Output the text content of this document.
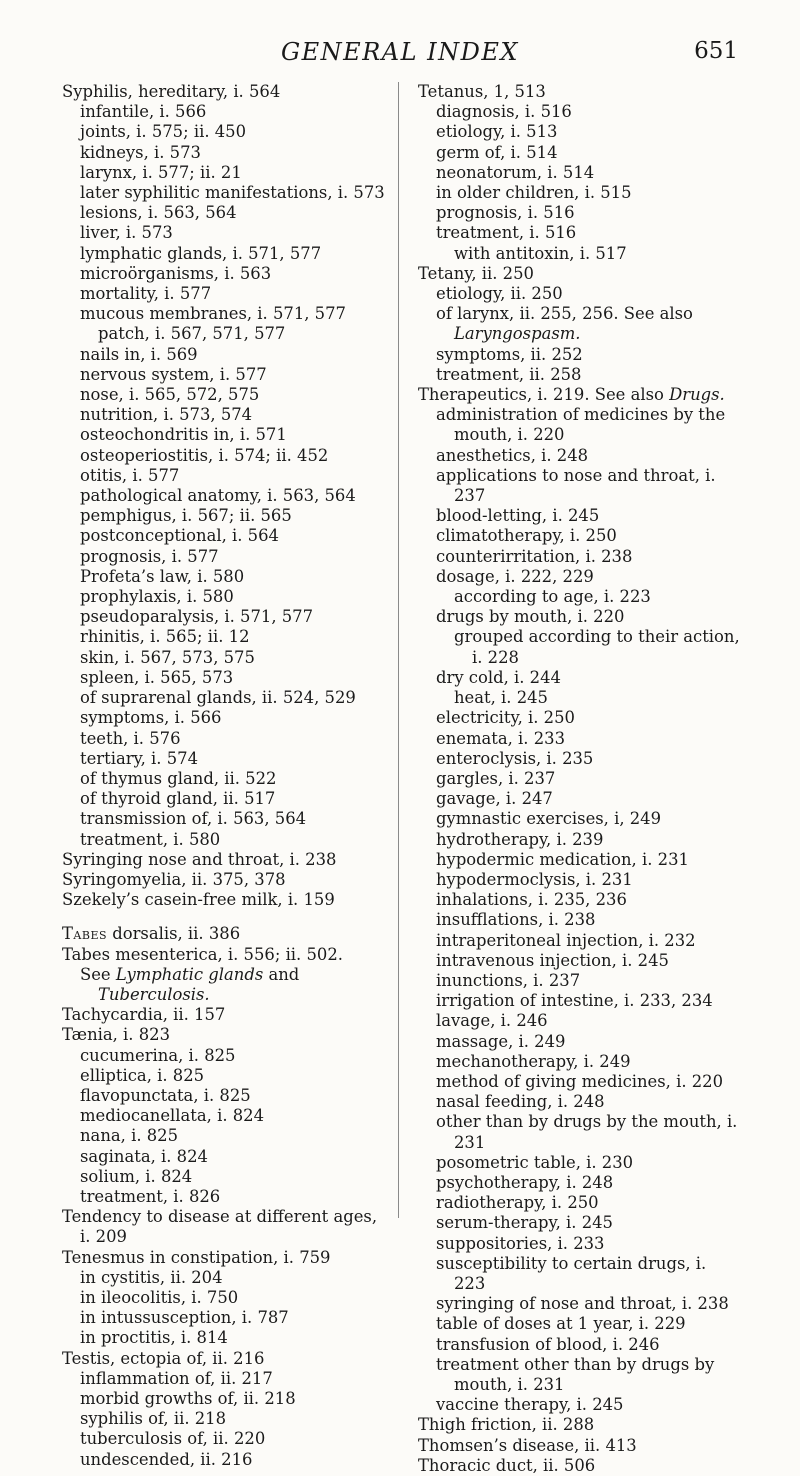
GENERAL INDEX	651
Syphilis, hereditary, i. 564
infantile, i. 566
joints, i. 575; ii. 450
kidneys, i. 573
larynx, i. 577; ii. 21
later syphilitic manifestations, i. 573
lesions, i. 563, 564
liver, i. 573
lymphatic glands, i. 571, 577
microörganisms, i. 563
mortality, i. 577
mucous membranes, i. 571, 577
patch, i. 567, 571, 577
nails in, i. 569
nervous system, i. 577
nose, i. 565, 572, 575
nutrition, i. 573, 574
osteochondritis in, i. 571
osteoperiostitis, i. 574; ii. 452
otitis, i. 577
pathological anatomy, i. 563, 564
pemphigus, i. 567; ii. 565
postconceptional, i. 564
prognosis, i. 577
Profeta’s law, i. 580
prophylaxis, i. 580
pseudoparalysis, i. 571, 577
rhinitis, i. 565; ii. 12
skin, i. 567, 573, 575
spleen, i. 565, 573
of suprarenal glands, ii. 524, 529
symptoms, i. 566
teeth, i. 576
tertiary, i. 574
of thymus gland, ii. 522
of thyroid gland, ii. 517
transmission of, i. 563, 564
treatment, i. 580
Syringing nose and throat, i. 238
Syringomyelia, ii. 375, 378
Szekely’s casein-free milk, i. 159
Tabes dorsalis, ii. 386
Tabes mesenterica, i. 556; ii. 502.
See Lymphatic glands and Tuberculosis.
Tachycardia, ii. 157
Tænia, i. 823
cucumerina, i. 825
elliptica, i. 825
flavopunctata, i. 825
mediocanellata, i. 824
nana, i. 825
saginata, i. 824
solium, i. 824
treatment, i. 826
Tendency to disease at different ages, i. 209
Tenesmus in constipation, i. 759
in cystitis, ii. 204
in ileocolitis, i. 750
in intussusception, i. 787
in proctitis, i. 814
Testis, ectopia of, ii. 216
inflammation of, ii. 217
morbid growths of, ii. 218
syphilis of, ii. 218
tuberculosis of, ii. 220
undescended, ii. 216
Tetanus, 1, 513
diagnosis, i. 516
etiology, i. 513
germ of, i. 514
neonatorum, i. 514
in older children, i. 515
prognosis, i. 516
treatment, i. 516
with antitoxin, i. 517
Tetany, ii. 250
etiology, ii. 250
of larynx, ii. 255, 256. See also Laryngospasm.
symptoms, ii. 252
treatment, ii. 258
Therapeutics, i. 219. See also Drugs.
administration of medicines by the mouth, i. 220
anesthetics, i. 248
applications to nose and throat, i. 237
blood-letting, i. 245
climatotherapy, i. 250
counterirritation, i. 238
dosage, i. 222, 229
according to age, i. 223
drugs by mouth, i. 220
grouped according to their action, i. 228
dry cold, i. 244
heat, i. 245
electricity, i. 250
enemata, i. 233
enteroclysis, i. 235
gargles, i. 237
gavage, i. 247
gymnastic exercises, i, 249
hydrotherapy, i. 239
hypodermic medication, i. 231
hypodermoclysis, i. 231
inhalations, i. 235, 236
insufflations, i. 238
intraperitoneal injection, i. 232
intravenous injection, i. 245
inunctions, i. 237
irrigation of intestine, i. 233, 234
lavage, i. 246
massage, i. 249
mechanotherapy, i. 249
method of giving medicines, i. 220
nasal feeding, i. 248
other than by drugs by the mouth, i. 231
posometric table, i. 230
psychotherapy, i. 248
radiotherapy, i. 250
serum-therapy, i. 245
suppositories, i. 233
susceptibility to certain drugs, i. 223
syringing of nose and throat, i. 238
table of doses at 1 year, i. 229
transfusion of blood, i. 246
treatment other than by drugs by mouth, i. 231
vaccine therapy, i. 245
Thigh friction, ii. 288
Thomsen’s disease, ii. 413
Thoracic duct, ii. 506
